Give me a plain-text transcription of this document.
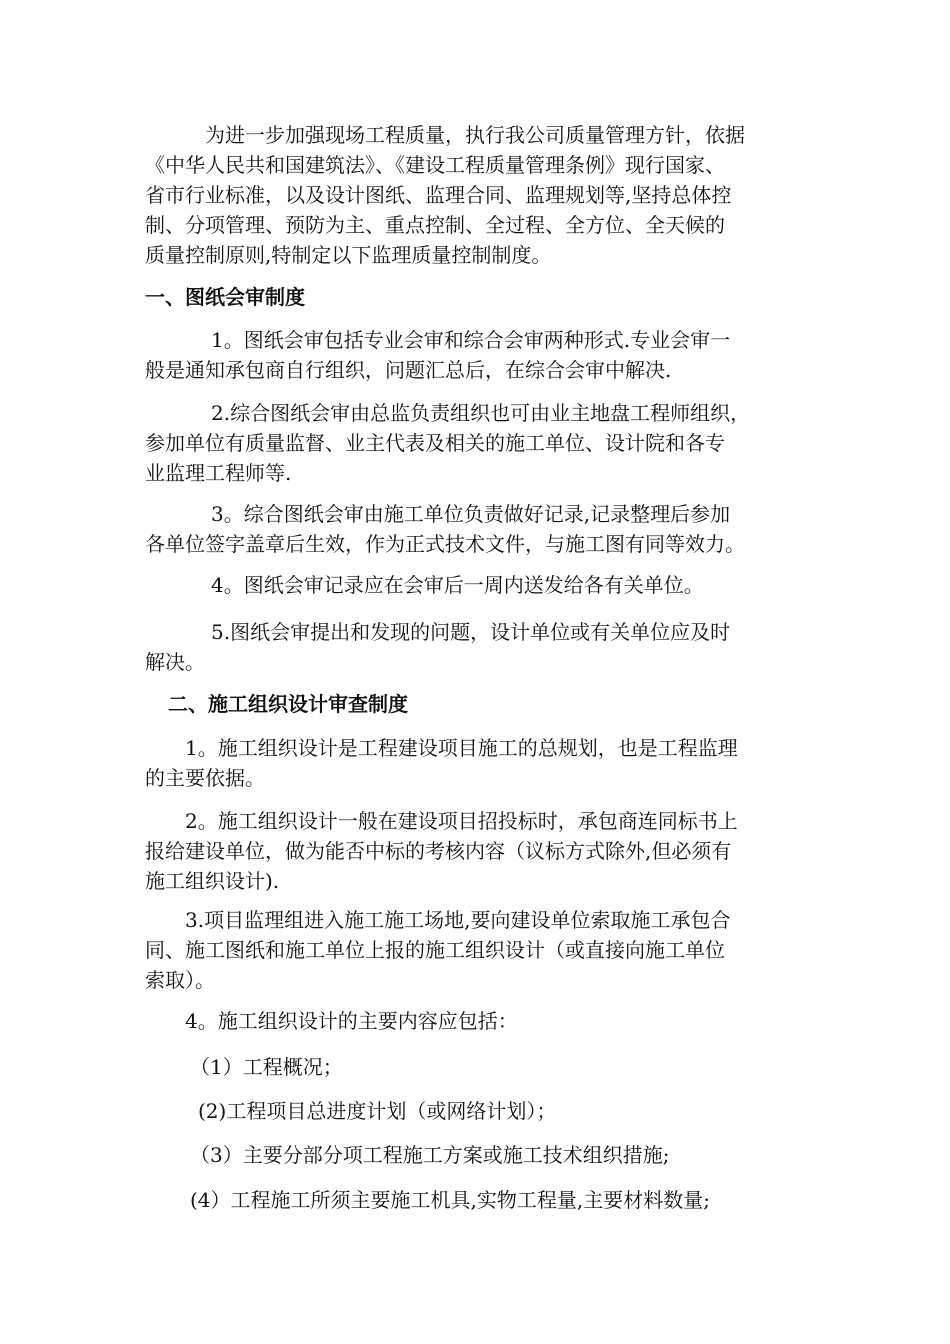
为进一步加强现场工程质量，执行我公司质量管理方针，依据
《中华人民共和国建筑法》、《建设工程质量管理条例》现行国家、
省市行业标准，以及设计图纸、监理合同、监理规划等,坚持总体控
制、分项管理、预防为主、重点控制、全过程、全方位、全天候的
质量控制原则,特制定以下监理质量控制制度。
一、图纸会审制度
1。图纸会审包括专业会审和综合会审两种形式.专业会审一
般是通知承包商自行组织，问题汇总后，在综合会审中解决.
2.综合图纸会审由总监负责组织也可由业主地盘工程师组织，
参加单位有质量监督、业主代表及相关的施工单位、设计院和各专
业监理工程师等.
3。综合图纸会审由施工单位负责做好记录,记录整理后参加
各单位签字盖章后生效，作为正式技术文件，与施工图有同等效力。
4。图纸会审记录应在会审后一周内送发给各有关单位。
5.图纸会审提出和发现的问题，设计单位或有关单位应及时
解决。
二、施工组织设计审查制度
1。施工组织设计是工程建设项目施工的总规划，也是工程监理
的主要依据。
2。施工组织设计一般在建设项目招投标时，承包商连同标书上
报给建设单位，做为能否中标的考核内容（议标方式除外,但必须有
施工组织设计).
3.项目监理组进入施工施工场地,要向建设单位索取施工承包合
同、施工图纸和施工单位上报的施工组织设计（或直接向施工单位
索取）。
4。施工组织设计的主要内容应包括：
（1）工程概况；
(2)工程项目总进度计划（或网络计划）；
（3）主要分部分项工程施工方案或施工技术组织措施;
(4）工程施工所须主要施工机具,实物工程量,主要材料数量;
